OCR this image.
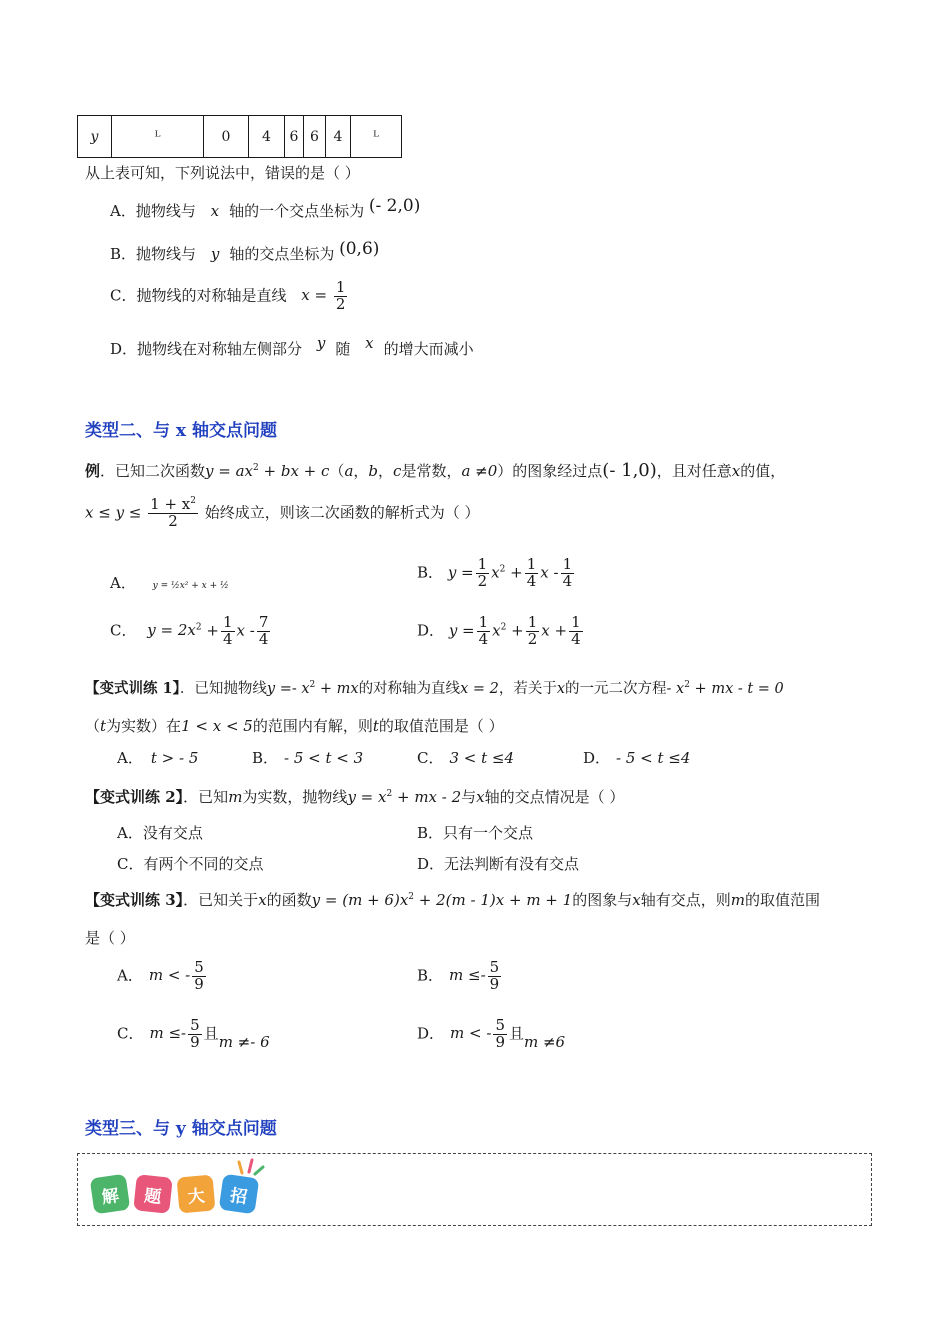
y	ᴸ	0	4	6	6	4	ᴸ
从上表可知，下列说法中，错误的是（ ）
A．抛物线与 x 轴的一个交点坐标为 (- 2,0)
B．抛物线与 y 轴的交点坐标为 (0,6)
C．抛物线的对称轴是直线 $x = \frac{1}{2}$
D．抛物线在对称轴左侧部分 y 随 x 的增大而减小
类型二、与 x 轴交点问题
例．已知二次函数$y = ax^2$ + bx + c（a，b，c是常数，a ≠0）的图象经过点(- 1,0)，且对任意x的值，
$x \le y \le \frac{1 + x^2}{2}$ 始终成立，则该二次函数的解析式为（ ）
A． y = ½x² + x + ½
B． $y = \frac{1}{2} x^2 + \frac{1}{4}$ x - $\frac{1}{4}$
C． $y = 2x^2 + \frac{1}{4}$ x - $\frac{7}{4}$	D． $y = \frac{1}{4} x^2 + \frac{1}{2}$ $x + \frac{1}{4}$
【变式训练 1】．已知抛物线$y =- x^2$ + mx的对称轴为直线x = 2，若关于x的一元二次方程- $x^2$ + mx - t = 0
（t为实数）在1 < x < 5的范围内有解，则t的取值范围是（ ）
A． t > - 5	B． - 5 < t < 3	C． 3 < t ≤4	D． - 5 < t ≤4
【变式训练 2】．已知m为实数，抛物线$y = x^2$ + mx - 2与x轴的交点情况是（ ）
A．没有交点	B．只有一个交点
C．有两个不同的交点	D．无法判断有没有交点
【变式训练 3】．已知关于x的函数$y = (m + 6)x^2 + 2(m - 1)x + m + 1$的图象与x轴有交点，则m的取值范围
是（ ）
A． m < - $\frac{5}{9}$	B． $m \le- \frac{5}{9}$
C． $m \le- \frac{5}{9}$ 且m ≠- 6	D． m < - $\frac{5}{9}$ 且m ≠6
类型三、与 y 轴交点问题
解	题	大	招
